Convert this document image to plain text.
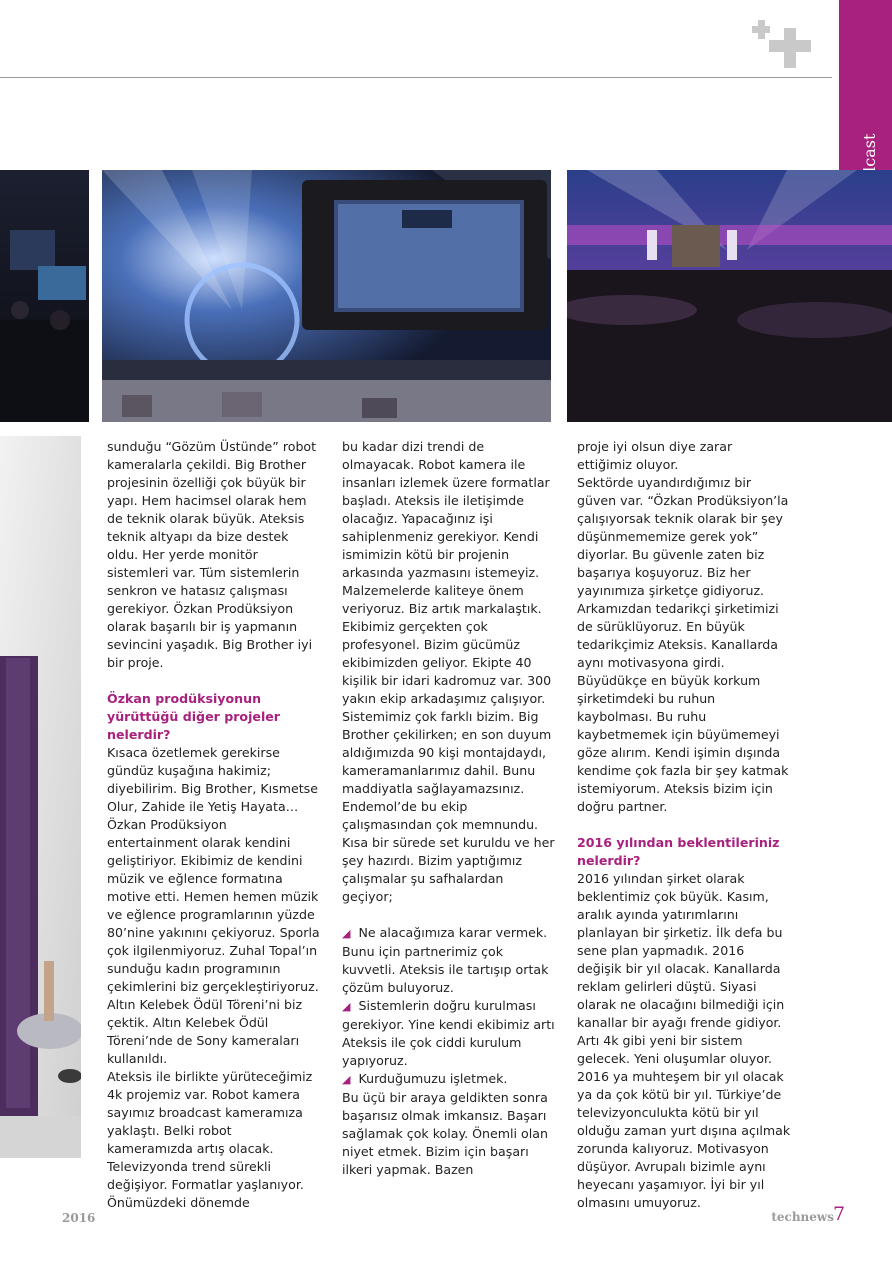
sunduğu “Gözüm Üstünde” robot kameralarla çekildi. Big Brother projesinin özelliği çok büyük bir yapı. Hem hacimsel olarak hem de teknik olarak büyük. Ateksis teknik altyapı da bize destek oldu. Her yerde monitör sistemleri var. Tüm sistemlerin senkron ve hatasız çalışması gerekiyor. Özkan Prodüksiyon olarak başarılı bir iş yapmanın sevincini yaşadık. Big Brother iyi bir proje.

Özkan prodüksiyonun yürüttüğü diğer projeler nelerdir?

Kısaca özetlemek gerekirse gündüz kuşağına hakimiz; diyebilirim. Big Brother, Kısmetse Olur, Zahide ile Yetiş Hayata… Özkan Prodüksiyon entertainment olarak kendini geliştiriyor. Ekibimiz de kendini müzik ve eğlence formatına motive etti. Hemen hemen müzik ve eğlence programlarının yüzde 80’nine yakınını çekiyoruz. Sporla çok ilgilenmiyoruz. Zuhal Topal’ın sunduğu kadın programının çekimlerini biz gerçekleştiriyoruz.

Altın Kelebek Ödül Töreni’ni biz çektik. Altın Kelebek Ödül Töreni’nde de Sony kameraları kullanıldı.

Ateksis ile birlikte yürüteceğimiz 4k projemiz var. Robot kamera sayımız broadcast kameramıza yaklaştı. Belki robot kameramızda artış olacak. Televizyonda trend sürekli değişiyor. Formatlar yaşlanıyor. Önümüzdeki dönemde

bu kadar dizi trendi de olmayacak. Robot kamera ile insanları izlemek üzere formatlar başladı. Ateksis ile iletişimde olacağız. Yapacağınız işi sahiplenmeniz gerekiyor. Kendi ismimizin kötü bir projenin arkasında yazmasını istemeyiz. Malzemelerde kaliteye önem veriyoruz. Biz artık markalaştık. Ekibimiz gerçekten çok profesyonel. Bizim gücümüz ekibimizden geliyor. Ekipte 40 kişilik bir idari kadromuz var. 300 yakın ekip arkadaşımız çalışıyor. Sistemimiz çok farklı bizim. Big Brother çekilirken; en son duyum aldığımızda 90 kişi montajdaydı, kameramanlarımız dahil. Bunu maddiyatla sağlayamazsınız. Endemol’de bu ekip çalışmasından çok memnundu. Kısa bir sürede set kuruldu ve her şey hazırdı. Bizim yaptığımız çalışmalar şu safhalardan geçiyor;

◢ Ne alacağımıza karar vermek. Bunu için partnerimiz çok kuvvetli. Ateksis ile tartışıp ortak çözüm buluyoruz.

◢ Sistemlerin doğru kurulması gerekiyor. Yine kendi ekibimiz artı Ateksis ile çok ciddi kurulum yapıyoruz.

◢ Kurduğumuzu işletmek.

Bu üçü bir araya geldikten sonra başarısız olmak imkansız. Başarı sağlamak çok kolay. Önemli olan niyet etmek. Bizim için başarı ilkeri yapmak. Bazen

proje iyi olsun diye zarar ettiğimiz oluyor.

Sektörde uyandırdığımız bir güven var. “Özkan Prodüksiyon’la çalışıyorsak teknik olarak bir şey düşünmememize gerek yok” diyorlar. Bu güvenle zaten biz başarıya koşuyoruz. Biz her yayınımıza şirketçe gidiyoruz. Arkamızdan tedarikçi şirketimizi de sürüklüyoruz. En büyük tedarikçimiz Ateksis. Kanallarda aynı motivasyona girdi. Büyüdükçe en büyük korkum şirketimdeki bu ruhun kaybolması. Bu ruhu kaybetmemek için büyümemeyi göze alırım. Kendi işimin dışında kendime çok fazla bir şey katmak istemiyorum. Ateksis bizim için doğru partner.

2016 yılından beklentileriniz nelerdir?

2016 yılından şirket olarak beklentimiz çok büyük. Kasım, aralık ayında yatırımlarını planlayan bir şirketiz. İlk defa bu sene plan yapmadık. 2016 değişik bir yıl olacak. Kanallarda reklam gelirleri düştü. Siyasi olarak ne olacağını bilmediği için kanallar bir ayağı frende gidiyor. Artı 4k gibi yeni bir sistem gelecek. Yeni oluşumlar oluyor. 2016 ya muhteşem bir yıl olacak ya da çok kötü bir yıl. Türkiye’de televizyonculukta kötü bir yıl olduğu zaman yurt dışına açılmak zorunda kalıyoruz. Motivasyon düşüyor. Avrupalı bizimle aynı heyecanı yaşamıyor. İyi bir yıl olmasını umuyoruz.

2016	technews 7
